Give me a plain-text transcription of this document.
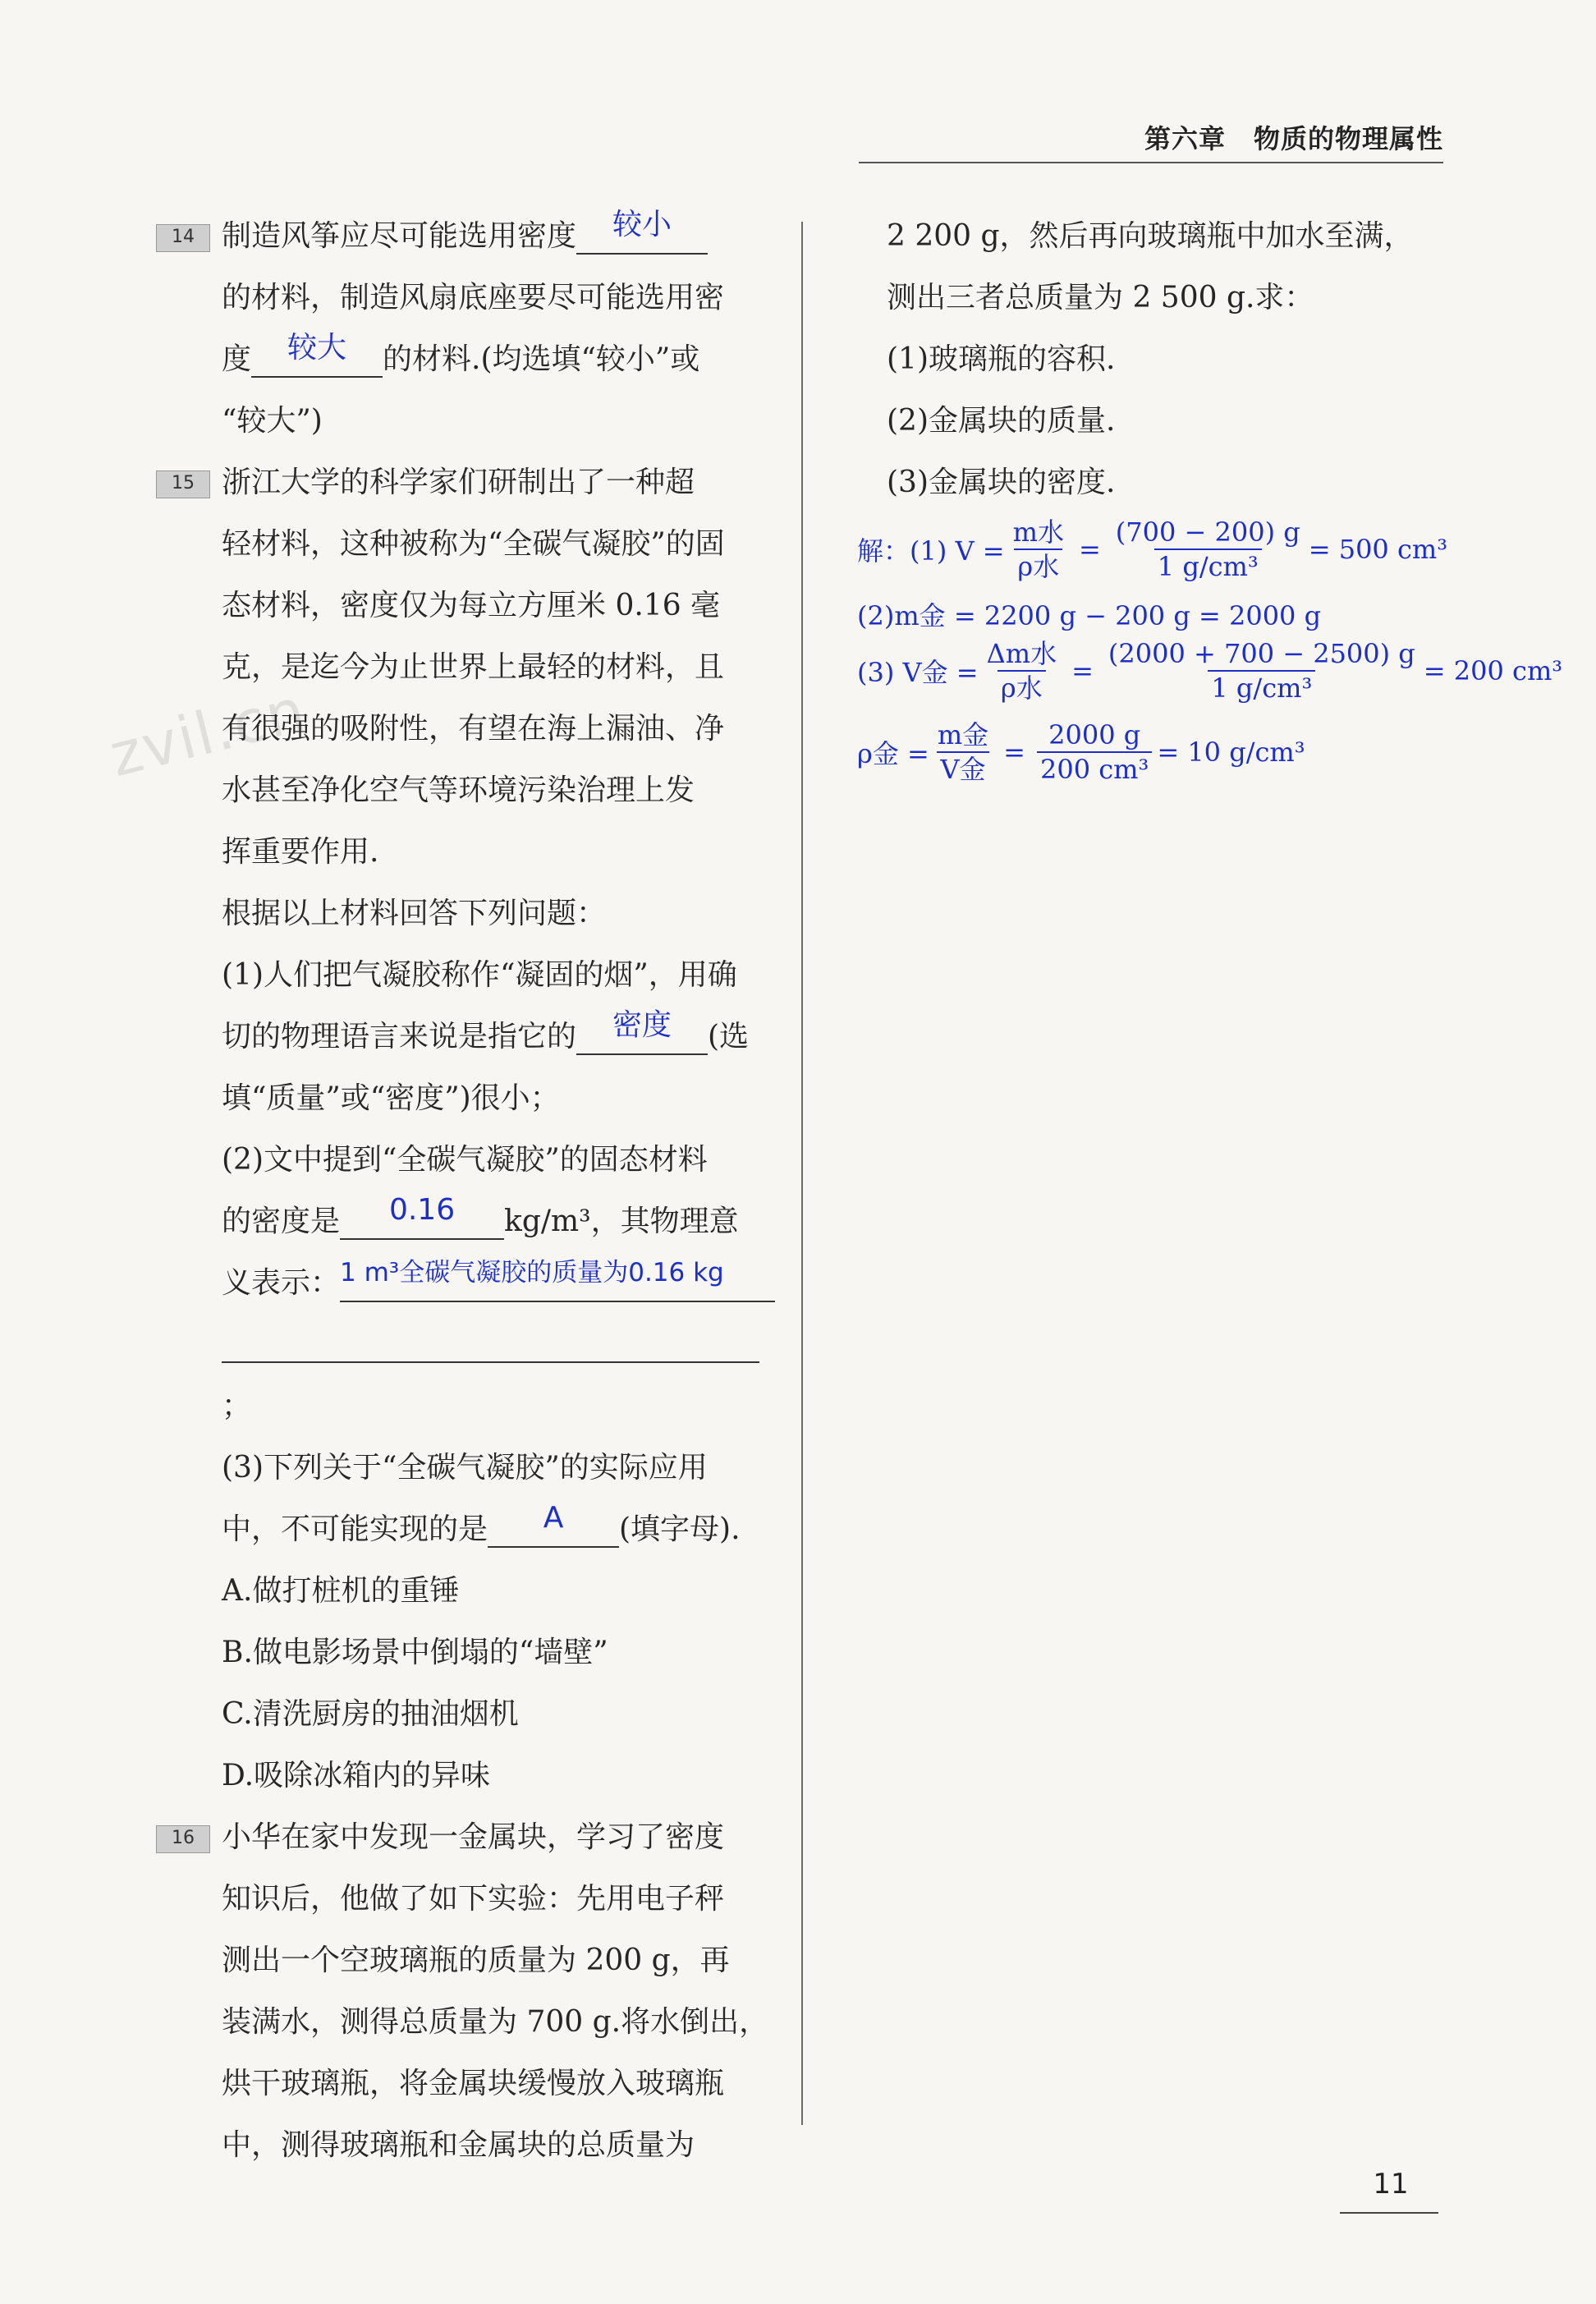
第六章 物质的物理属性
zvil.cn
14 制造风筝应尽可能选用密度 较小

的材料，制造风扇底座要尽可能选用密

度 较大 的材料.(均选填“较小”或

“较大”)

15 浙江大学的科学家们研制出了一种超

轻材料，这种被称为“全碳气凝胶”的固

态材料，密度仅为每立方厘米 0.16 毫

克，是迄今为止世界上最轻的材料，且

有很强的吸附性，有望在海上漏油、净

水甚至净化空气等环境污染治理上发

挥重要作用.

根据以上材料回答下列问题：

(1)人们把气凝胶称作“凝固的烟”，用确

切的物理语言来说是指它的 密度 (选

填“质量”或“密度”)很小；

(2)文中提到“全碳气凝胶”的固态材料

的密度是 0.16 kg/m³，其物理意

义表示：1 m³全碳气凝胶的质量为0.16 kg

；

(3)下列关于“全碳气凝胶”的实际应用

中，不可能实现的是 A (填字母).

A.做打桩机的重锤

B.做电影场景中倒塌的“墙壁”

C.清洗厨房的抽油烟机

D.吸除冰箱内的异味

16 小华在家中发现一金属块，学习了密度

知识后，他做了如下实验：先用电子秤

测出一个空玻璃瓶的质量为 200 g，再

装满水，测得总质量为 700 g.将水倒出，

烘干玻璃瓶，将金属块缓慢放入玻璃瓶

中，测得玻璃瓶和金属块的总质量为

2 200 g，然后再向玻璃瓶中加水至满，

测出三者总质量为 2 500 g.求：

(1)玻璃瓶的容积.

(2)金属块的质量.

(3)金属块的密度.

解：(1) $V = \frac{\text{m水}}{\text{ρ水}} = \frac{(700 - 200) g}{\text{1 g/cm³}} = 500$ cm³
(2)m金 = 2200 g − 200 g = 2000 g
(3) V金 = $\frac{\text{Δm水}}{\text{ρ水}} = \frac{(2000 + 700 - 2500) g}{\text{1 g/cm³}} = 200$ cm³
ρ金 = $\frac{\text{m金}}{\text{V金}} = \frac{2000 g}{\text{200 cm³}} = 10$ g/cm³
11
